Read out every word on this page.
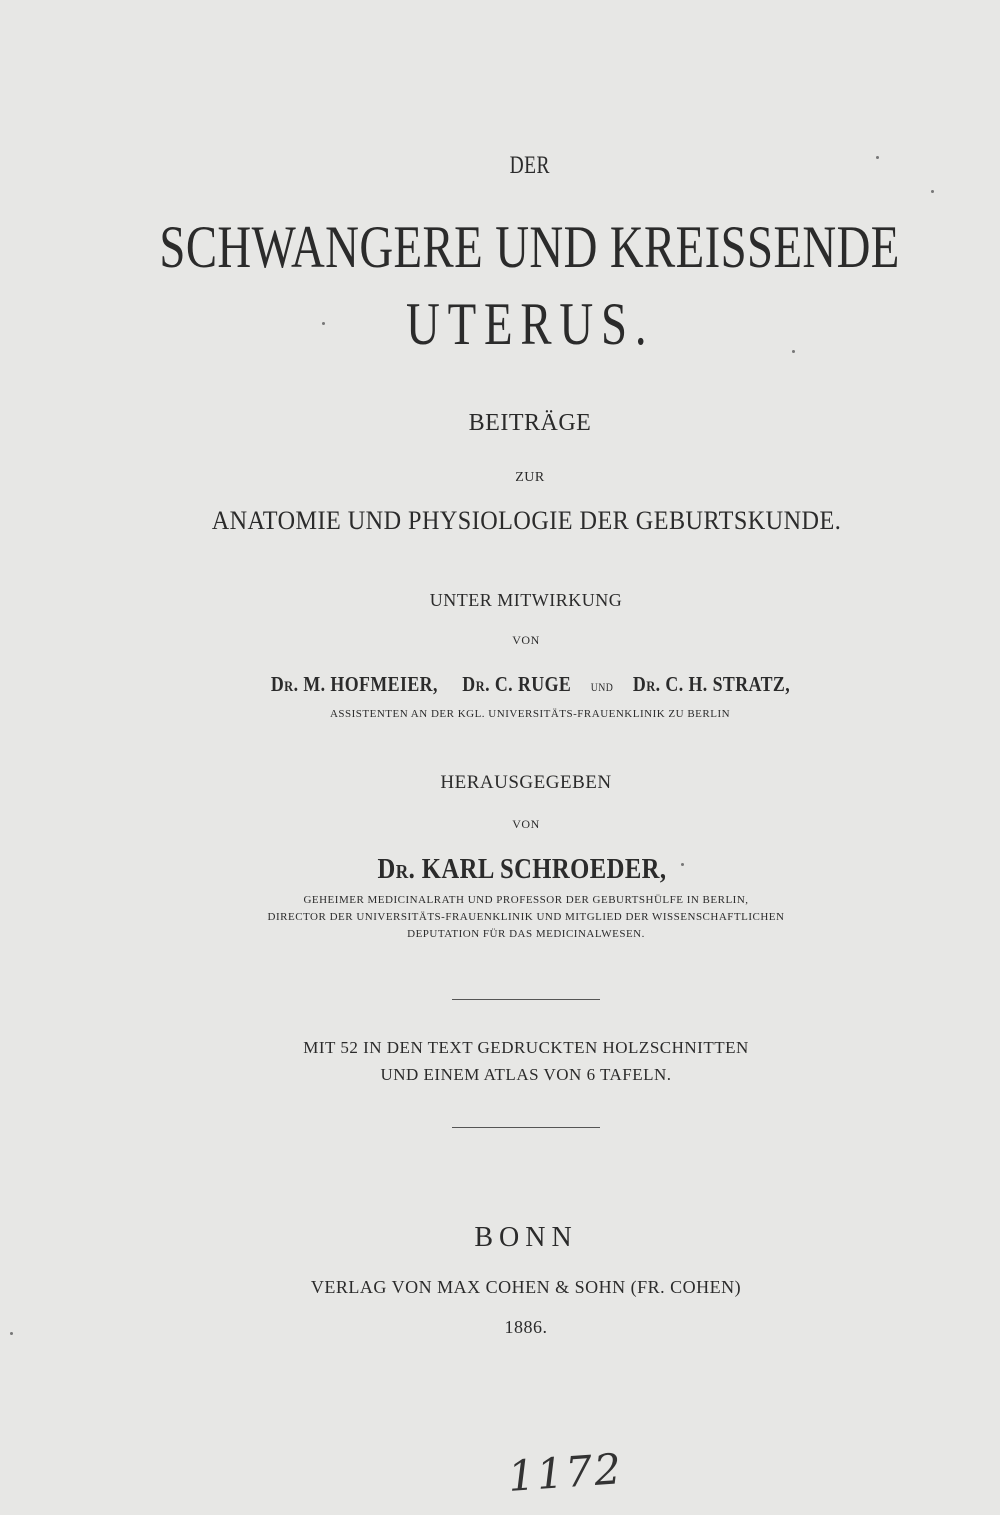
DER
SCHWANGERE UND KREISSENDE
UTERUS.
BEITRÄGE
ZUR
ANATOMIE UND PHYSIOLOGIE DER GEBURTSKUNDE.
UNTER MITWIRKUNG
VON
DR. M. HOFMEIER, DR. C. RUGE UND DR. C. H. STRATZ,
ASSISTENTEN AN DER KGL. UNIVERSITÄTS-FRAUENKLINIK ZU BERLIN
HERAUSGEGEBEN
VON
DR. KARL SCHROEDER,
GEHEIMER MEDICINALRATH UND PROFESSOR DER GEBURTSHÜLFE IN BERLIN,
DIRECTOR DER UNIVERSITÄTS-FRAUENKLINIK UND MITGLIED DER WISSENSCHAFTLICHEN
DEPUTATION FÜR DAS MEDICINALWESEN.
MIT 52 IN DEN TEXT GEDRUCKTEN HOLZSCHNITTEN
UND EINEM ATLAS VON 6 TAFELN.
BONN
VERLAG VON MAX COHEN & SOHN (FR. COHEN)
1886.
1172
